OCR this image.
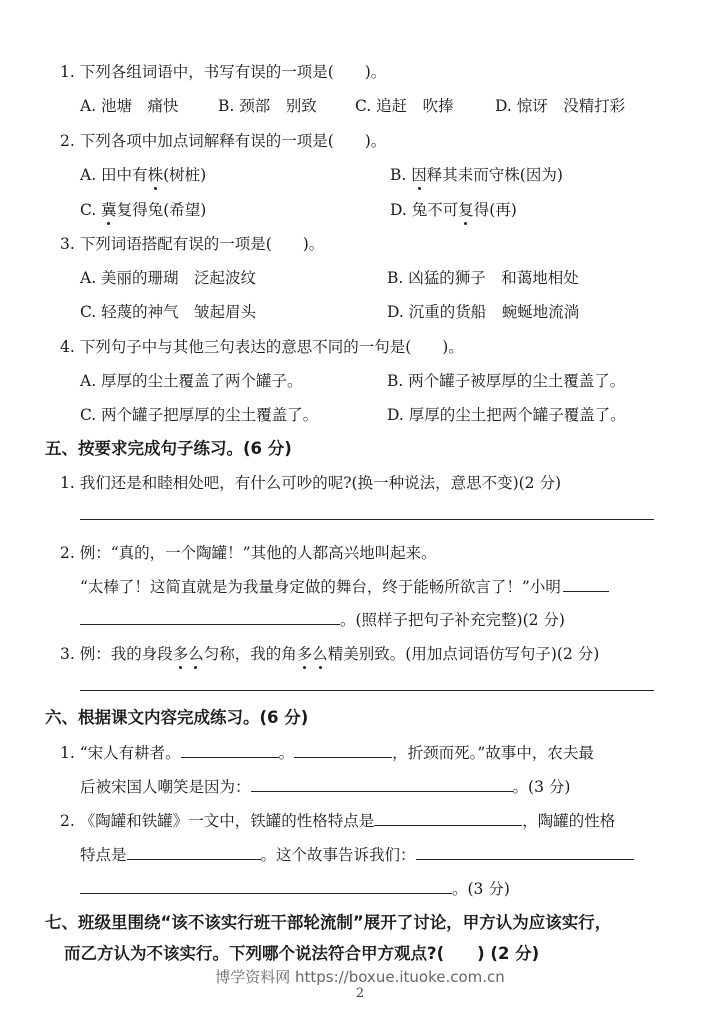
1. 下列各组词语中，书写有误的一项是(　　)。
A. 池塘　痛快	B. 颈部　别致 C. 追赶　吹捧	D. 惊讶　没精打彩
2. 下列各项中加点词解释有误的一项是(　　)。
A. 田中有株(树桩)	B. 因释其耒而守株(因为)
C. 冀复得兔(希望)	D. 兔不可复得(再)
3. 下列词语搭配有误的一项是(　　)。
A. 美丽的珊瑚　泛起波纹	B. 凶猛的狮子　和蔼地相处
C. 轻蔑的神气　皱起眉头	D. 沉重的货船　蜿蜒地流淌
4. 下列句子中与其他三句表达的意思不同的一句是(　　)。
A. 厚厚的尘土覆盖了两个罐子。	B. 两个罐子被厚厚的尘土覆盖了。
C. 两个罐子把厚厚的尘土覆盖了。	D. 厚厚的尘土把两个罐子覆盖了。
五、按要求完成句子练习。(6 分)
1. 我们还是和睦相处吧，有什么可吵的呢?(换一种说法，意思不变)(2 分)
2. 例：“真的，一个陶罐！”其他的人都高兴地叫起来。
“太棒了！这简直就是为我量身定做的舞台，终于能畅所欲言了！”小明
。(照样子把句子补充完整)(2 分)
3. 例：我的身段多么匀称，我的角多么精美别致。(用加点词语仿写句子)(2 分)
六、根据课文内容完成练习。(6 分)
1. “宋人有耕者。	。	，折颈而死。”故事中，农夫最
后被宋国人嘲笑是因为：	。(3 分)
2. 《陶罐和铁罐》一文中，铁罐的性格特点是	，陶罐的性格
特点是	。这个故事告诉我们：
。(3 分)
七、班级里围绕“该不该实行班干部轮流制”展开了讨论，甲方认为应该实行，
而乙方认为不该实行。下列哪个说法符合甲方观点?(　　) (2 分)
博学资料网 https://boxue.ituoke.com.cn
2
